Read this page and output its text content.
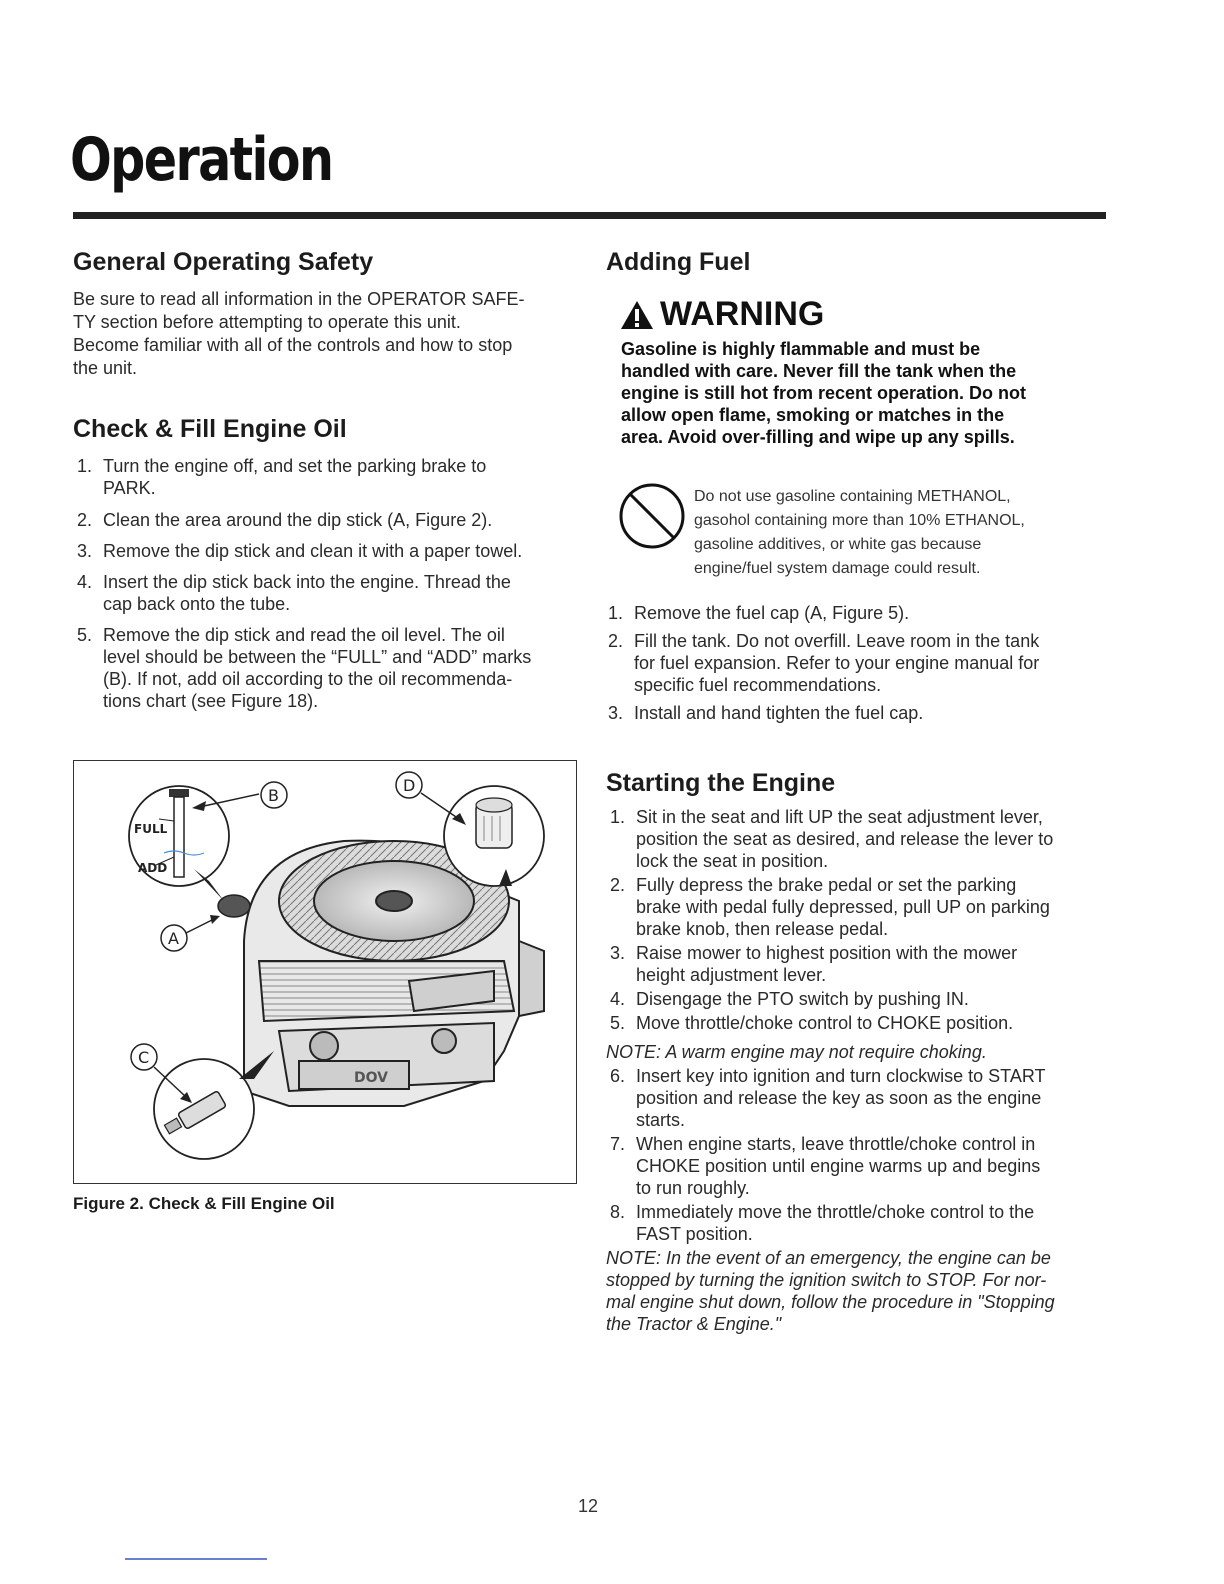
Operation
General Operating Safety
Be sure to read all information in the OPERATOR SAFE-
TY section before attempting to operate this unit.
Become familiar with all of the controls and how to stop
the unit.
Check & Fill Engine Oil
1. Turn the engine off, and set the parking brake to
PARK.
2. Clean the area around the dip stick (A, Figure 2).
3. Remove the dip stick and clean it with a paper towel.
4. Insert the dip stick back into the engine. Thread the
cap back onto the tube.
5. Remove the dip stick and read the oil level. The oil
level should be between the “FULL” and “ADD” marks
(B). If not, add oil according to the oil recommenda-
tions chart (see Figure 18).
DOV
FULL
ADD
B
D
A
C
Figure 2. Check & Fill Engine Oil
Adding Fuel
WARNING
Gasoline is highly flammable and must be
handled with care. Never fill the tank when the
engine is still hot from recent operation. Do not
allow open flame, smoking or matches in the
area. Avoid over-filling and wipe up any spills.
Do not use gasoline containing METHANOL,
gasohol containing more than 10% ETHANOL,
gasoline additives, or white gas because
engine/fuel system damage could result.
1. Remove the fuel cap (A, Figure 5).
2. Fill the tank. Do not overfill. Leave room in the tank
for fuel expansion. Refer to your engine manual for
specific fuel recommendations.
3. Install and hand tighten the fuel cap.
Starting the Engine
1. Sit in the seat and lift UP the seat adjustment lever,
position the seat as desired, and release the lever to
lock the seat in position.
2. Fully depress the brake pedal or set the parking
brake with pedal fully depressed, pull UP on parking
brake knob, then release pedal.
3. Raise mower to highest position with the mower
height adjustment lever.
4. Disengage the PTO switch by pushing IN.
5. Move throttle/choke control to CHOKE position.
NOTE: A warm engine may not require choking.
6. Insert key into ignition and turn clockwise to START
position and release the key as soon as the engine
starts.
7. When engine starts, leave throttle/choke control in
CHOKE position until engine warms up and begins
to run roughly.
8. Immediately move the throttle/choke control to the
FAST position.
NOTE: In the event of an emergency, the engine can be
stopped by turning the ignition switch to STOP. For nor-
mal engine shut down, follow the procedure in "Stopping
the Tractor & Engine."
12
